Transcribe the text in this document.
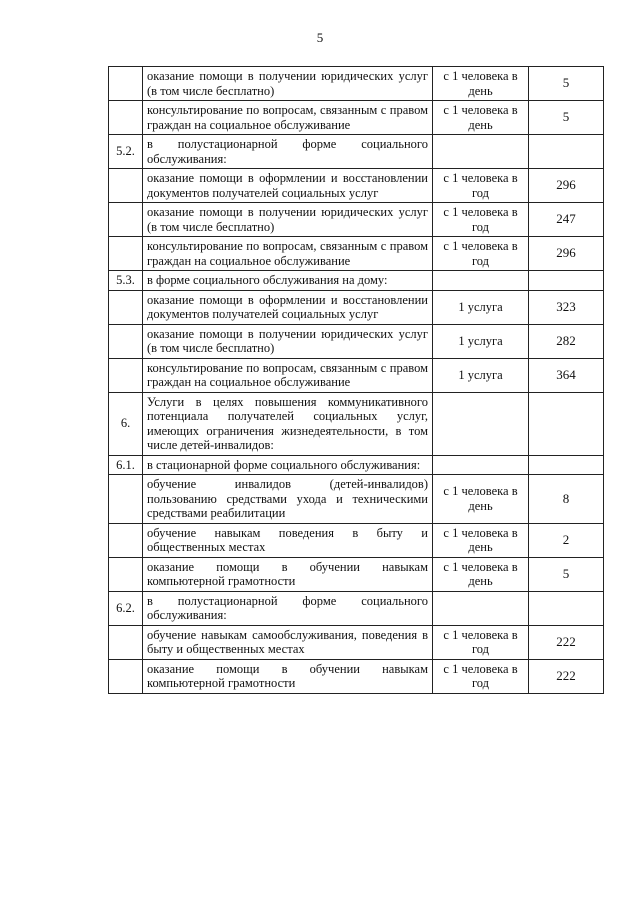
5
	оказание помощи в получении юридических услуг (в том числе бесплатно)	с 1 человека в день	5
	консультирование по вопросам, связанным с правом граждан на социальное обслуживание	с 1 человека в день	5
5.2.	в полустационарной форме социального обслуживания:		
	оказание помощи в оформлении и восстановлении документов получателей социальных услуг	с 1 человека в год	296
	оказание помощи в получении юридических услуг (в том числе бесплатно)	с 1 человека в год	247
	консультирование по вопросам, связанным с правом граждан на социальное обслуживание	с 1 человека в год	296
5.3.	в форме социального обслуживания на дому:		
	оказание помощи в оформлении и восстановлении документов получателей социальных услуг	1 услуга	323
	оказание помощи в получении юридических услуг (в том числе бесплатно)	1 услуга	282
	консультирование по вопросам, связанным с правом граждан на социальное обслуживание	1 услуга	364
6.	Услуги в целях повышения коммуникативного потенциала получателей социальных услуг, имеющих ограничения жизнедеятельности, в том числе детей-инвалидов:		
6.1.	в стационарной форме социального обслуживания:		
	обучение инвалидов (детей-инвалидов) пользованию средствами ухода и техническими средствами реабилитации	с 1 человека в день	8
	обучение навыкам поведения в быту и общественных местах	с 1 человека в день	2
	оказание помощи в обучении навыкам компьютерной грамотности	с 1 человека в день	5
6.2.	в полустационарной форме социального обслуживания:		
	обучение навыкам самообслуживания, поведения в быту и общественных местах	с 1 человека в год	222
	оказание помощи в обучении навыкам компьютерной грамотности	с 1 человека в год	222
